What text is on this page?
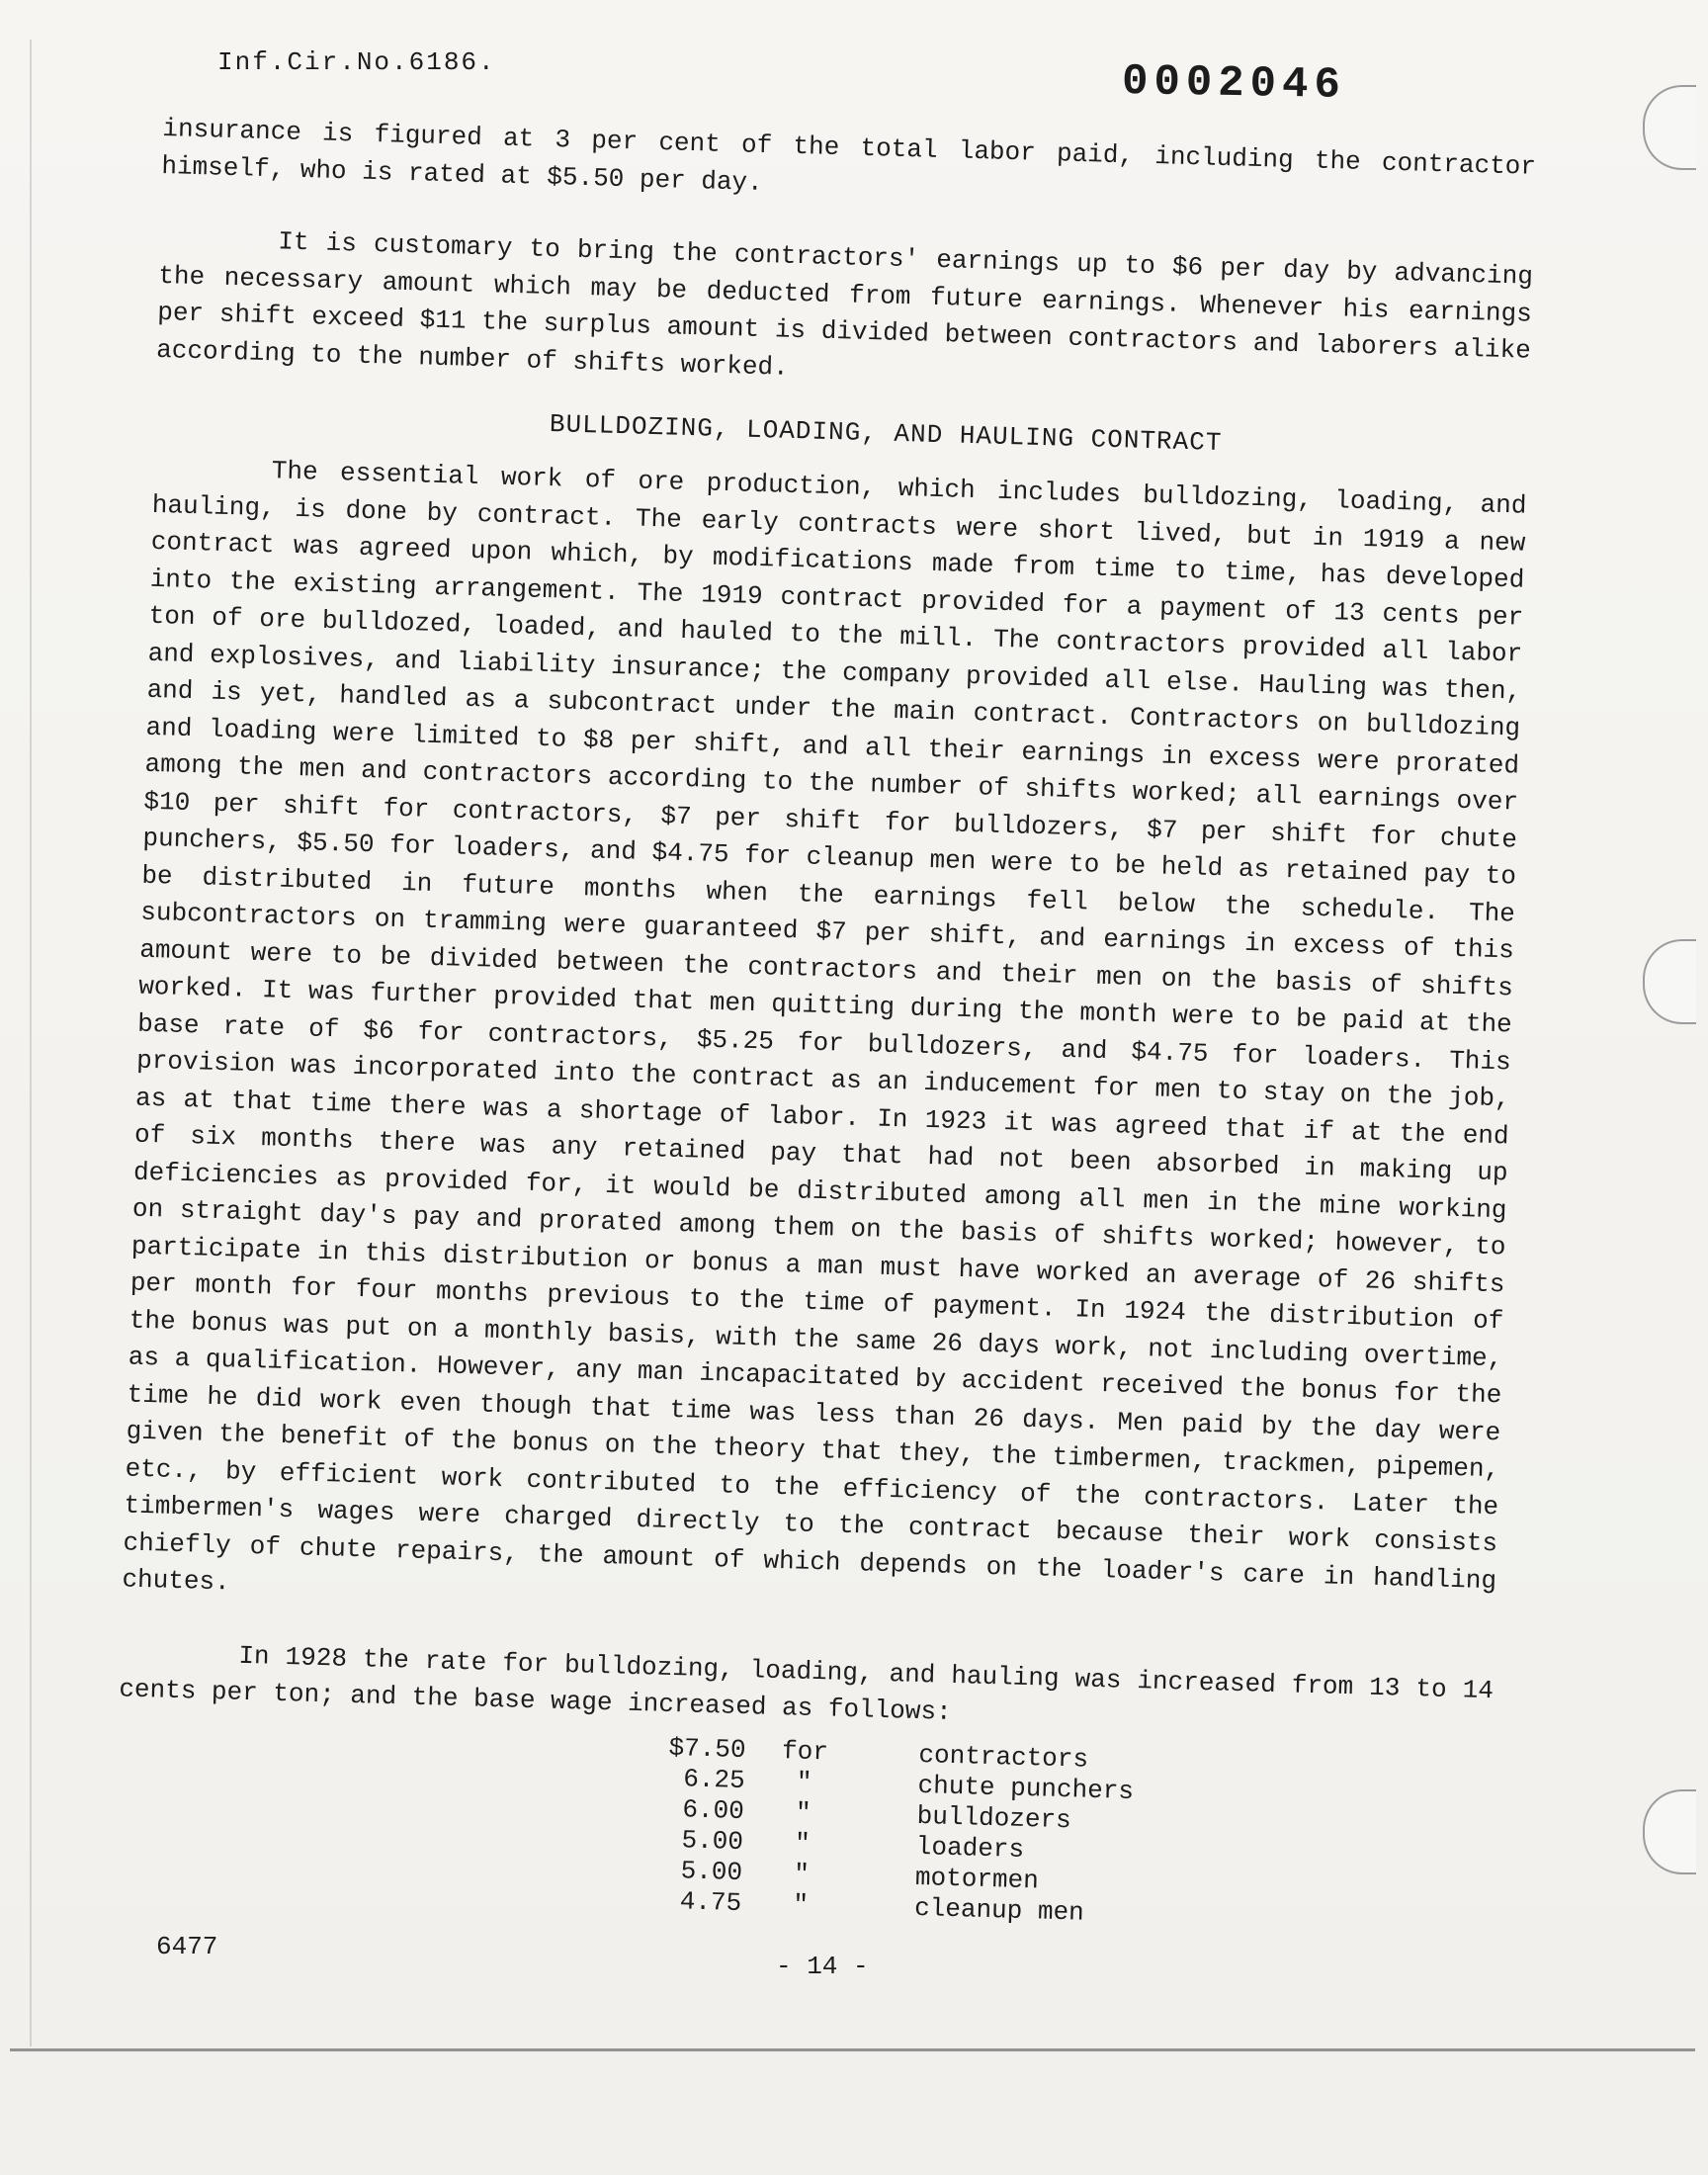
Inf.Cir.No.6186.	0002046

insurance is figured at 3 per cent of the total labor paid, including the contractor himself, who is rated at $5.50 per day.

It is customary to bring the contractors' earnings up to $6 per day by advancing the necessary amount which may be deducted from future earnings. Whenever his earnings per shift exceed $11 the surplus amount is divided between contractors and laborers alike according to the number of shifts worked.

BULLDOZING, LOADING, AND HAULING CONTRACT

The essential work of ore production, which includes bulldozing, loading, and hauling, is done by contract. The early contracts were short lived, but in 1919 a new contract was agreed upon which, by modifications made from time to time, has developed into the existing arrangement. The 1919 contract provided for a payment of 13 cents per ton of ore bulldozed, loaded, and hauled to the mill. The contractors provided all labor and explosives, and liability insurance; the company provided all else. Hauling was then, and is yet, handled as a subcontract under the main contract. Contractors on bulldozing and loading were limited to $8 per shift, and all their earnings in excess were prorated among the men and contractors according to the number of shifts worked; all earnings over $10 per shift for contractors, $7 per shift for bulldozers, $7 per shift for chute punchers, $5.50 for loaders, and $4.75 for cleanup men were to be held as retained pay to be distributed in future months when the earnings fell below the schedule. The subcontractors on tramming were guaranteed $7 per shift, and earnings in excess of this amount were to be divided between the contractors and their men on the basis of shifts worked. It was further provided that men quitting during the month were to be paid at the base rate of $6 for contractors, $5.25 for bulldozers, and $4.75 for loaders. This provision was incorporated into the contract as an inducement for men to stay on the job, as at that time there was a shortage of labor. In 1923 it was agreed that if at the end of six months there was any retained pay that had not been absorbed in making up deficiencies as provided for, it would be distributed among all men in the mine working on straight day's pay and prorated among them on the basis of shifts worked; however, to participate in this distribution or bonus a man must have worked an average of 26 shifts per month for four months previous to the time of payment. In 1924 the distribution of the bonus was put on a monthly basis, with the same 26 days work, not including overtime, as a qualification. However, any man incapacitated by accident received the bonus for the time he did work even though that time was less than 26 days. Men paid by the day were given the benefit of the bonus on the theory that they, the timbermen, trackmen, pipemen, etc., by efficient work contributed to the efficiency of the contractors. Later the timbermen's wages were charged directly to the contract because their work consists chiefly of chute repairs, the amount of which depends on the loader's care in handling chutes.

In 1928 the rate for bulldozing, loading, and hauling was increased from 13 to 14 cents per ton; and the base wage increased as follows:

$7.50	for	contractors
6.25	"	chute punchers
6.00	"	bulldozers
5.00	"	loaders
5.00	"	motormen
4.75	"	cleanup men
6477
- 14 -
